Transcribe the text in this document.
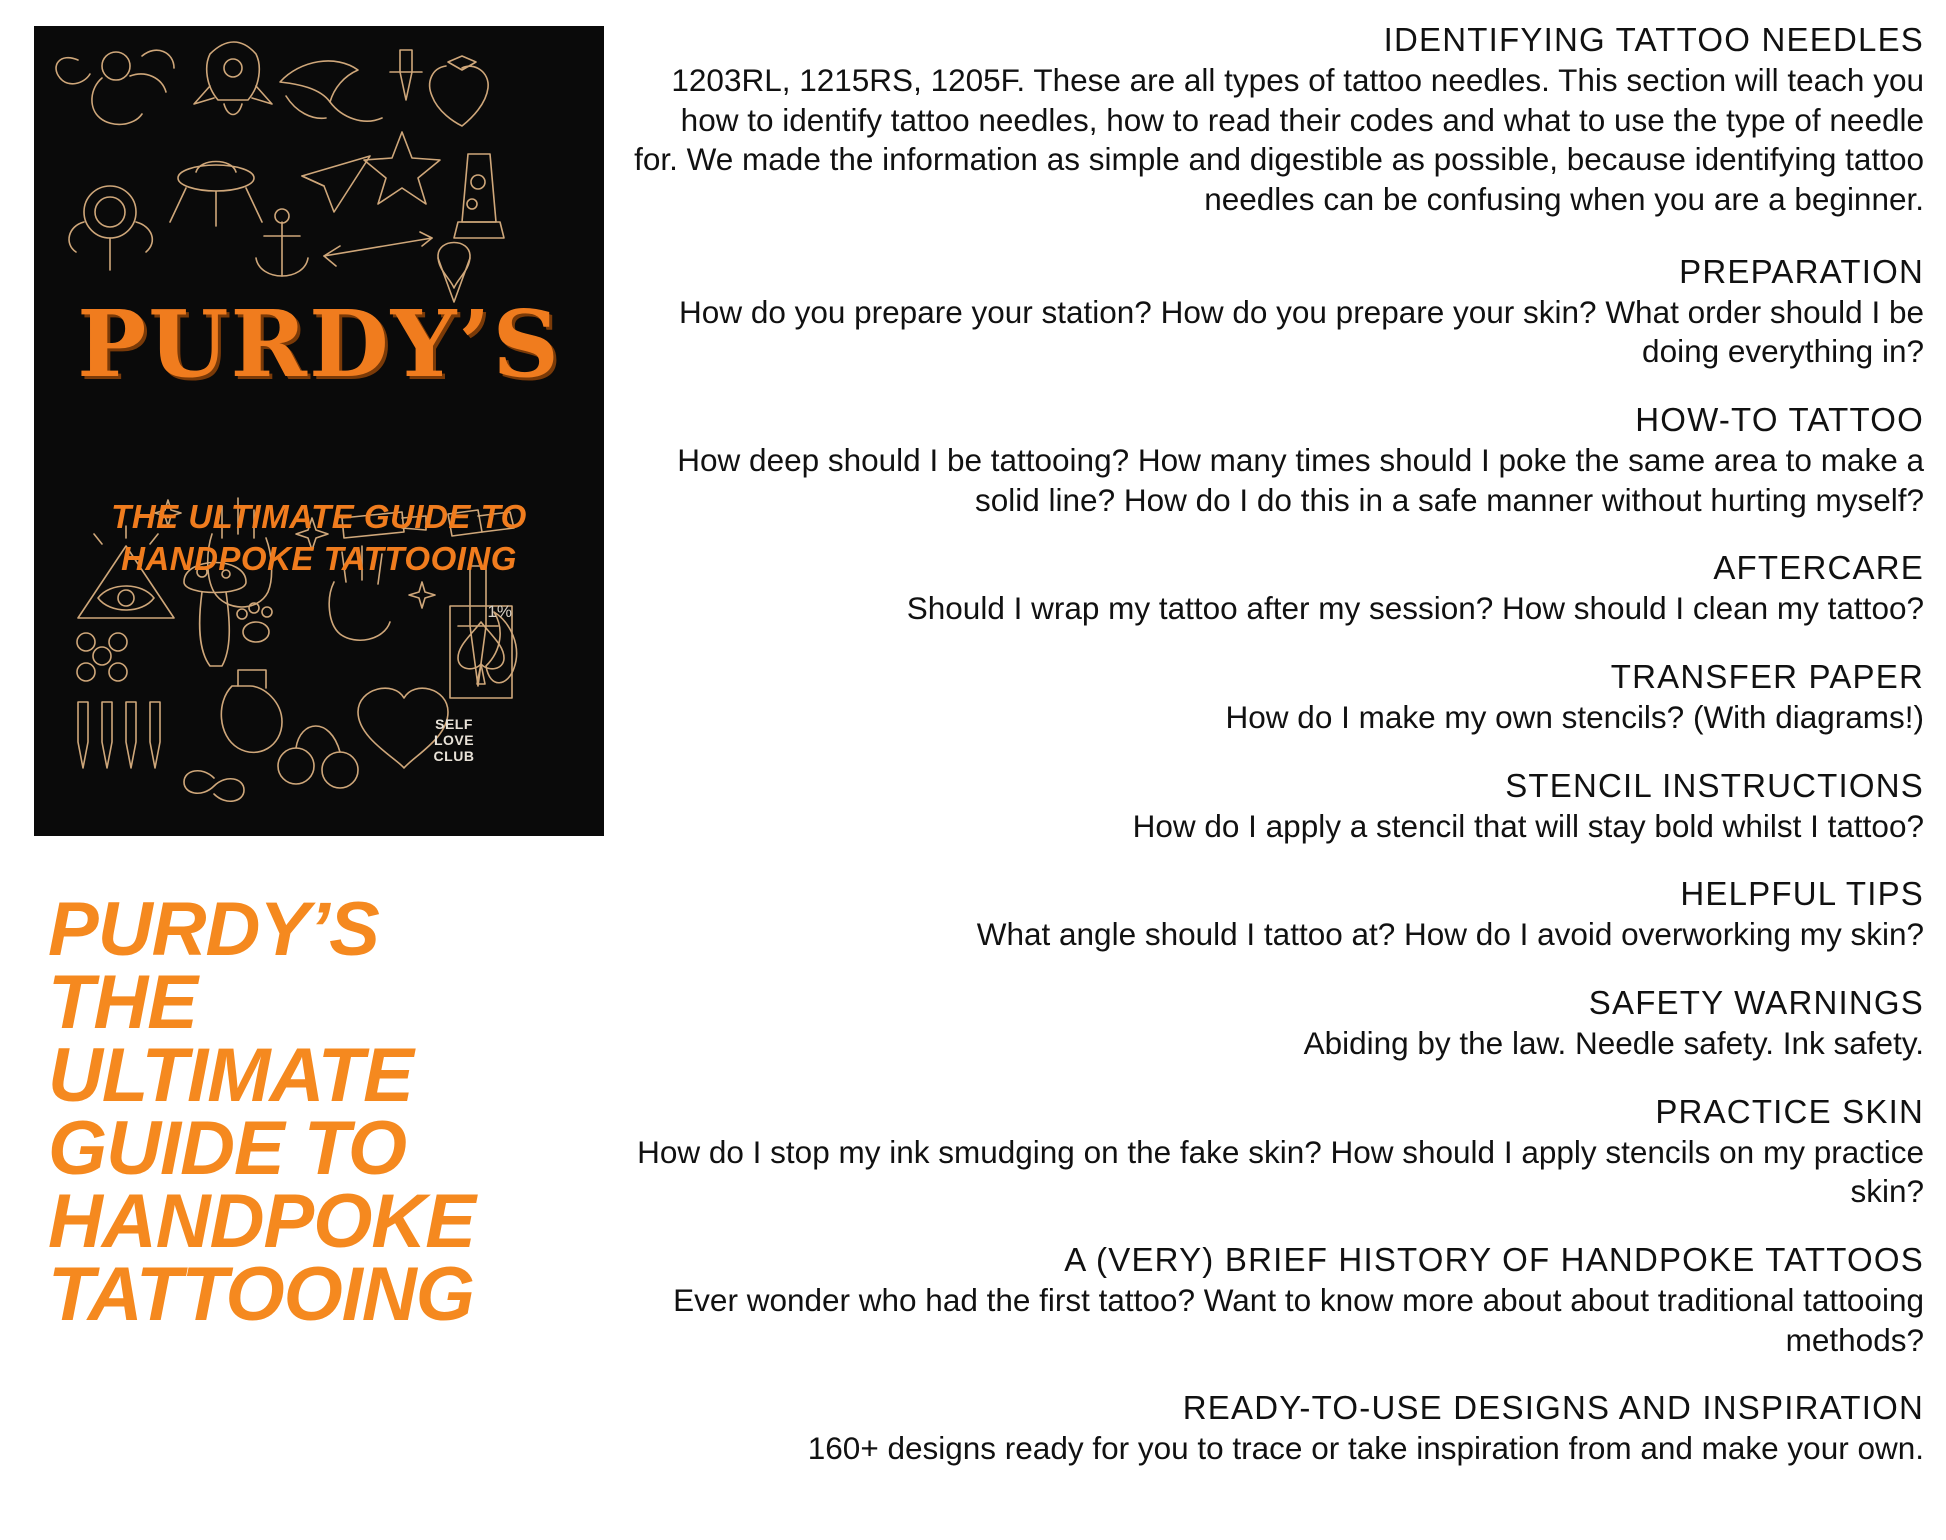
PURDY’S
THE ULTIMATE GUIDE TO
HANDPOKE TATTOOING
1%
SELF
LOVE
CLUB
PURDY’S
THE
ULTIMATE
GUIDE TO
HANDPOKE
TATTOOING
IDENTIFYING TATTOO NEEDLES
1203RL, 1215RS, 1205F. These are all types of tattoo needles. This section will teach you how to identify tattoo needles, how to read their codes and what to use the type of needle for. We made the information as simple and digestible as possible, because identifying tattoo needles can be confusing when you are a beginner.
PREPARATION
How do you prepare your station? How do you prepare your skin? What order should I be doing everything in?
HOW-TO TATTOO
How deep should I be tattooing? How many times should I poke the same area to make a solid line? How do I do this in a safe manner without hurting myself?
AFTERCARE
Should I wrap my tattoo after my session? How should I clean my tattoo?
TRANSFER PAPER
How do I make my own stencils? (With diagrams!)
STENCIL INSTRUCTIONS
How do I apply a stencil that will stay bold whilst I tattoo?
HELPFUL TIPS
What angle should I tattoo at? How do I avoid overworking my skin?
SAFETY WARNINGS
Abiding by the law. Needle safety. Ink safety.
PRACTICE SKIN
How do I stop my ink smudging on the fake skin? How should I apply stencils on my practice skin?
A (VERY) BRIEF HISTORY OF HANDPOKE TATTOOS
Ever wonder who had the first tattoo? Want to know more about about traditional tattooing methods?
READY-TO-USE DESIGNS AND INSPIRATION
160+ designs ready for you to trace or take inspiration from and make your own.
